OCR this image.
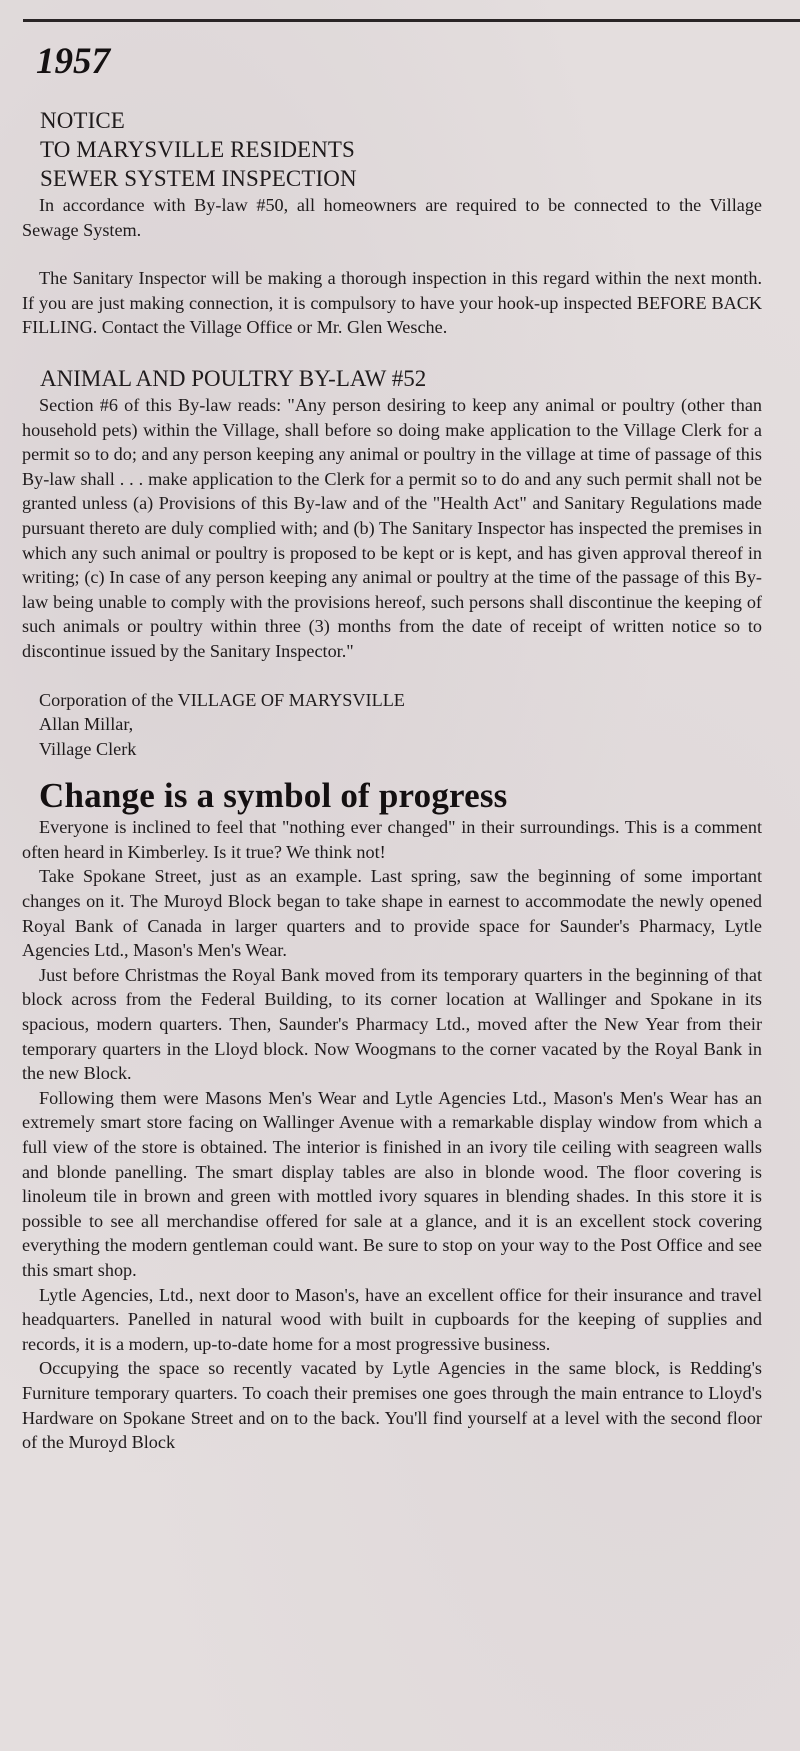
1957
NOTICE
TO MARYSVILLE RESIDENTS
SEWER SYSTEM INSPECTION

In accordance with By-law #50, all homeowners are required to be connected to the Village Sewage System.

The Sanitary Inspector will be making a thorough inspection in this regard within the next month. If you are just making connection, it is compulsory to have your hook-up inspected BEFORE BACK FILLING. Contact the Village Office or Mr. Glen Wesche.

ANIMAL AND POULTRY BY-LAW #52

Section #6 of this By-law reads: "Any person desiring to keep any animal or poultry (other than household pets) within the Village, shall before so doing make application to the Village Clerk for a permit so to do; and any person keeping any animal or poultry in the village at time of passage of this By-law shall . . . make application to the Clerk for a permit so to do and any such permit shall not be granted unless (a) Provisions of this By-law and of the "Health Act" and Sanitary Regulations made pursuant thereto are duly complied with; and (b) The Sanitary Inspector has inspected the premises in which any such animal or poultry is proposed to be kept or is kept, and has given approval thereof in writing; (c) In case of any person keeping any animal or poultry at the time of the passage of this By-law being unable to comply with the provisions hereof, such persons shall discontinue the keeping of such animals or poultry within three (3) months from the date of receipt of written notice so to discontinue issued by the Sanitary Inspector."

Corporation of the VILLAGE OF MARYSVILLE
Allan Millar,
Village Clerk
Change is a symbol of progress

Everyone is inclined to feel that "nothing ever changed" in their surroundings. This is a comment often heard in Kimberley. Is it true? We think not!

Take Spokane Street, just as an example. Last spring, saw the beginning of some important changes on it. The Muroyd Block began to take shape in earnest to accommodate the newly opened Royal Bank of Canada in larger quarters and to provide space for Saunder's Pharmacy, Lytle Agencies Ltd., Mason's Men's Wear.

Just before Christmas the Royal Bank moved from its temporary quarters in the beginning of that block across from the Federal Building, to its corner location at Wallinger and Spokane in its spacious, modern quarters. Then, Saunder's Pharmacy Ltd., moved after the New Year from their temporary quarters in the Lloyd block. Now Woogmans to the corner vacated by the Royal Bank in the new Block.

Following them were Masons Men's Wear and Lytle Agencies Ltd., Mason's Men's Wear has an extremely smart store facing on Wallinger Avenue with a remarkable display window from which a full view of the store is obtained. The interior is finished in an ivory tile ceiling with seagreen walls and blonde panelling. The smart display tables are also in blonde wood. The floor covering is linoleum tile in brown and green with mottled ivory squares in blending shades. In this store it is possible to see all merchandise offered for sale at a glance, and it is an excellent stock covering everything the modern gentleman could want. Be sure to stop on your way to the Post Office and see this smart shop.

Lytle Agencies, Ltd., next door to Mason's, have an excellent office for their insurance and travel headquarters. Panelled in natural wood with built in cupboards for the keeping of supplies and records, it is a modern, up-to-date home for a most progressive business.

Occupying the space so recently vacated by Lytle Agencies in the same block, is Redding's Furniture temporary quarters. To coach their premises one goes through the main entrance to Lloyd's Hardware on Spokane Street and on to the back. You'll find yourself at a level with the second floor of the Muroyd Block
